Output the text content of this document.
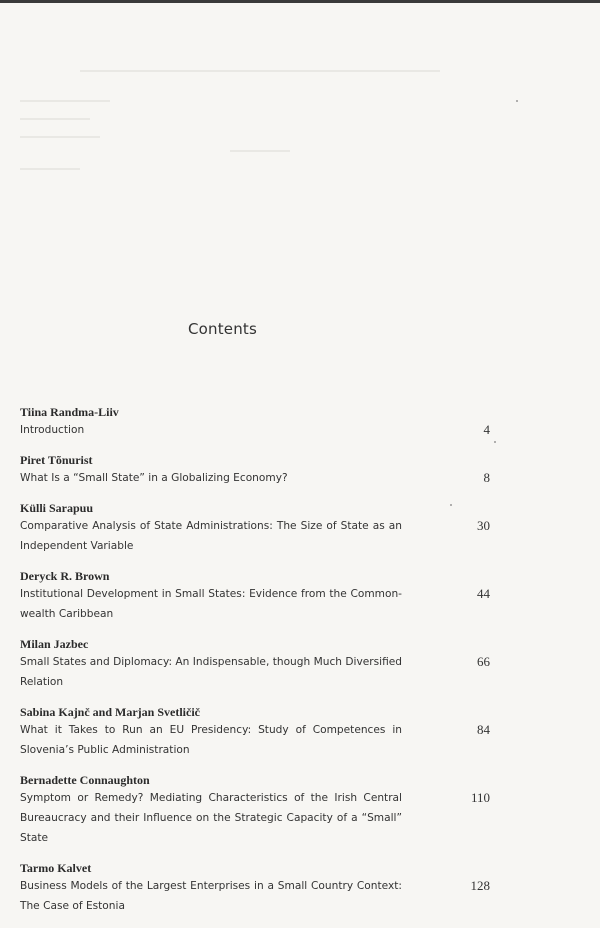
Contents
Tiina Randma-Liiv
Introduction	4
Piret Tõnurist
What Is a “Small State” in a Globalizing Economy?	8
Külli Sarapuu
Comparative Analysis of State Administrations: The Size of State as an Independent Variable
30
Deryck R. Brown
Institutional Development in Small States: Evidence from the Common-wealth Caribbean
44
Milan Jazbec
Small States and Diplomacy: An Indispensable, though Much Diversified Relation
66
Sabina Kajnč and Marjan Svetličič
What it Takes to Run an EU Presidency: Study of Competences in Slovenia’s Public Administration
84
Bernadette Connaughton
Symptom or Remedy? Mediating Characteristics of the Irish Central Bureaucracy and their Influence on the Strategic Capacity of a “Small” State
110
Tarmo Kalvet
Business Models of the Largest Enterprises in a Small Country Context: The Case of Estonia
128
